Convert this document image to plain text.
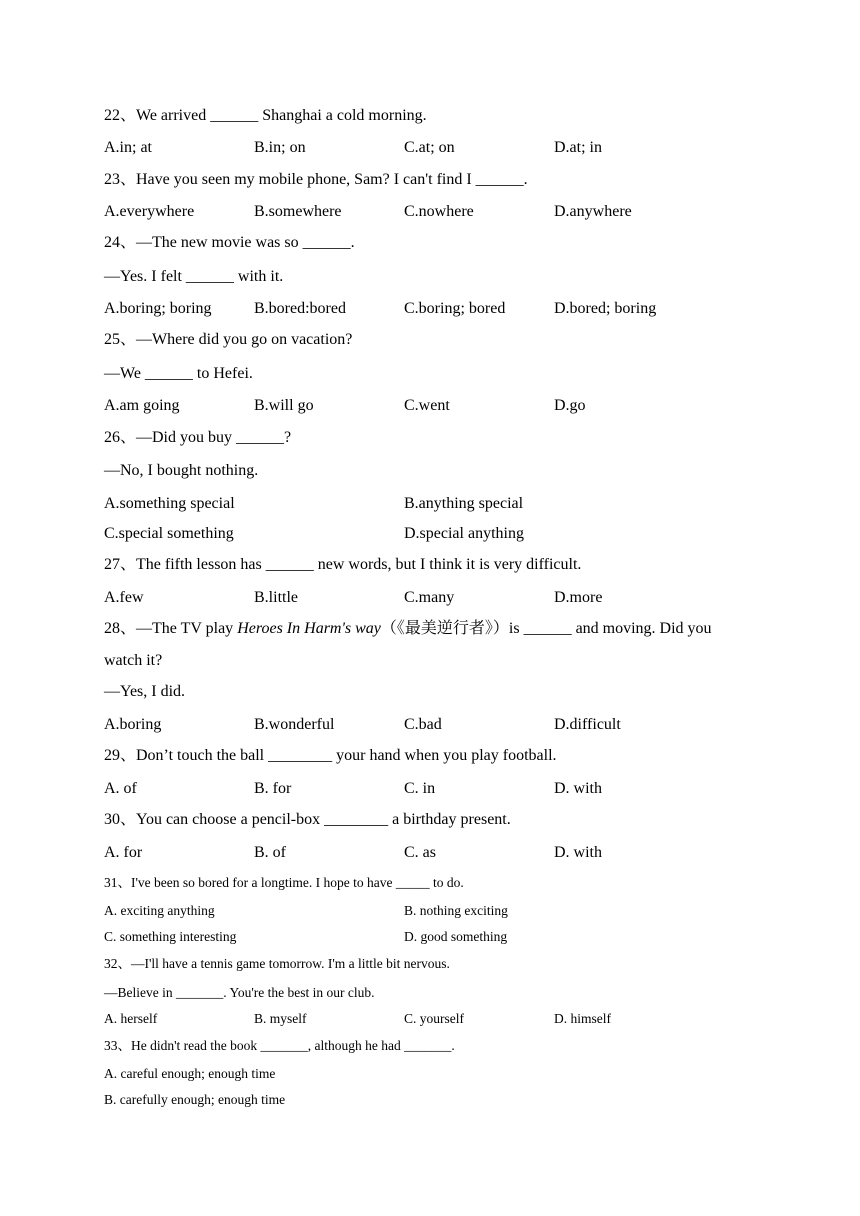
22、We arrived ______ Shanghai a cold morning.
A.in; at	B.in; on	C.at; on	D.at; in
23、Have you seen my mobile phone, Sam? I can't find I ______.
A.everywhere	B.somewhere	C.nowhere	D.anywhere
24、—The new movie was so ______.
—Yes. I felt ______ with it.
A.boring; boring	B.bored:bored	C.boring; bored	D.bored; boring
25、—Where did you go on vacation?
—We ______ to Hefei.
A.am going	B.will go	C.went	D.go
26、—Did you buy ______?
—No, I bought nothing.
A.something special	B.anything special
C.special something	D.special anything
27、The fifth lesson has ______ new words, but I think it is very difficult.
A.few	B.little	C.many	D.more
28、—The TV play Heroes In Harm's way（《最美逆行者》）is ______ and moving. Did you
watch it?
—Yes, I did.
A.boring	B.wonderful	C.bad	D.difficult
29、Don’t touch the ball ________ your hand when you play football.
A. of	B. for	C. in	D. with
30、You can choose a pencil-box ________ a birthday present.
A. for	B. of	C. as	D. with
31、I've been so bored for a longtime. I hope to have _____ to do.
A. exciting anything	B. nothing exciting
C. something interesting	D. good something
32、—I'll have a tennis game tomorrow. I'm a little bit nervous.
—Believe in _______. You're the best in our club.
A. herself	B. myself	C. yourself	D. himself
33、He didn't read the book _______, although he had _______.
A. careful enough; enough time
B. carefully enough; enough time
